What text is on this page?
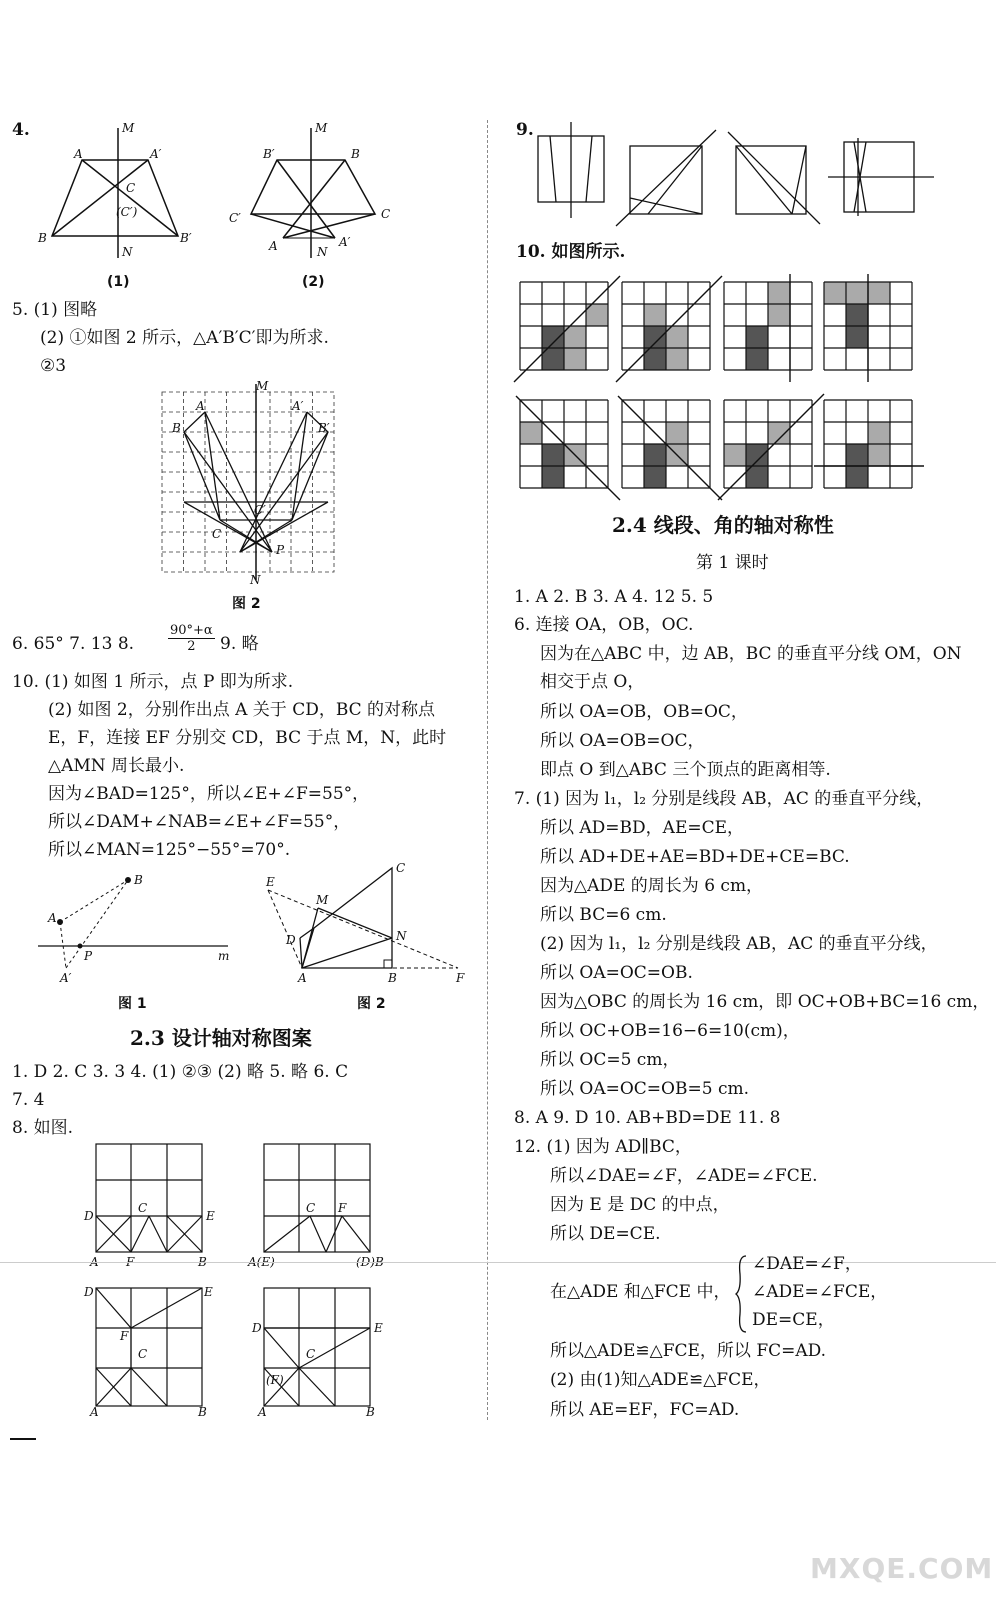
4.	M
N
A	A′
C
(C′)
B	B′
(1)
M
N
B′	B
C′	C
A	A′
(2)
5. (1) 图略
(2) ①如图 2 所示，△A′B′C′即为所求.
②3
M
N
A	A′
B	B′
C
C′
P
图 2
6. 65° 7. 13 8.	$\frac{90^\circ+\alpha}{2} 9$. 略
10. (1) 如图 1 所示，点 P 即为所求.
(2) 如图 2，分别作出点 A 关于 CD，BC 的对称点
E，F，连接 EF 分别交 CD，BC 于点 M，N，此时
△AMN 周长最小.
因为∠BAD=125°，所以∠E+∠F=55°，
所以∠DAM+∠NAB=∠E+∠F=55°，
所以∠MAN=125°−55°=70°.
A
B
P
A′
m
图 1
E
M
D
C
N
A	B	F
图 2
2.3 设计轴对称图案
1. D 2. C 3. 3 4. (1) ②③ (2) 略 5. 略 6. C
7. 4
8. 如图.
D
C
E
A F	B
C F
A(E)	(D)B
D	E
F
C
A	B
D	E
C
(F)
A	B
9.
10. 如图所示.
2.4 线段、角的轴对称性
第 1 课时
1. A 2. B 3. A 4. 12 5. 5
6. 连接 OA，OB，OC.
因为在△ABC 中，边 AB，BC 的垂直平分线 OM，ON
相交于点 O，
所以 OA=OB，OB=OC，
所以 OA=OB=OC，
即点 O 到△ABC 三个顶点的距离相等.
7. (1) 因为 l₁，l₂ 分别是线段 AB，AC 的垂直平分线，
所以 AD=BD，AE=CE，
所以 AD+DE+AE=BD+DE+CE=BC.
因为△ADE 的周长为 6 cm，
所以 BC=6 cm.
(2) 因为 l₁，l₂ 分别是线段 AB，AC 的垂直平分线，
所以 OA=OC=OB.
因为△OBC 的周长为 16 cm，即 OC+OB+BC=16 cm，
所以 OC+OB=16−6=10(cm)，
所以 OC=5 cm，
所以 OA=OC=OB=5 cm.
8. A 9. D 10. AB+BD=DE 11. 8
12. (1) 因为 AD∥BC，
所以∠DAE=∠F，∠ADE=∠FCE.
因为 E 是 DC 的中点，
所以 DE=CE.
在△ADE 和△FCE 中，
∠DAE=∠F，
∠ADE=∠FCE，
DE=CE，
所以△ADE≌△FCE，所以 FC=AD.
(2) 由(1)知△ADE≌△FCE，
所以 AE=EF，FC=AD.
MXQE.COM
